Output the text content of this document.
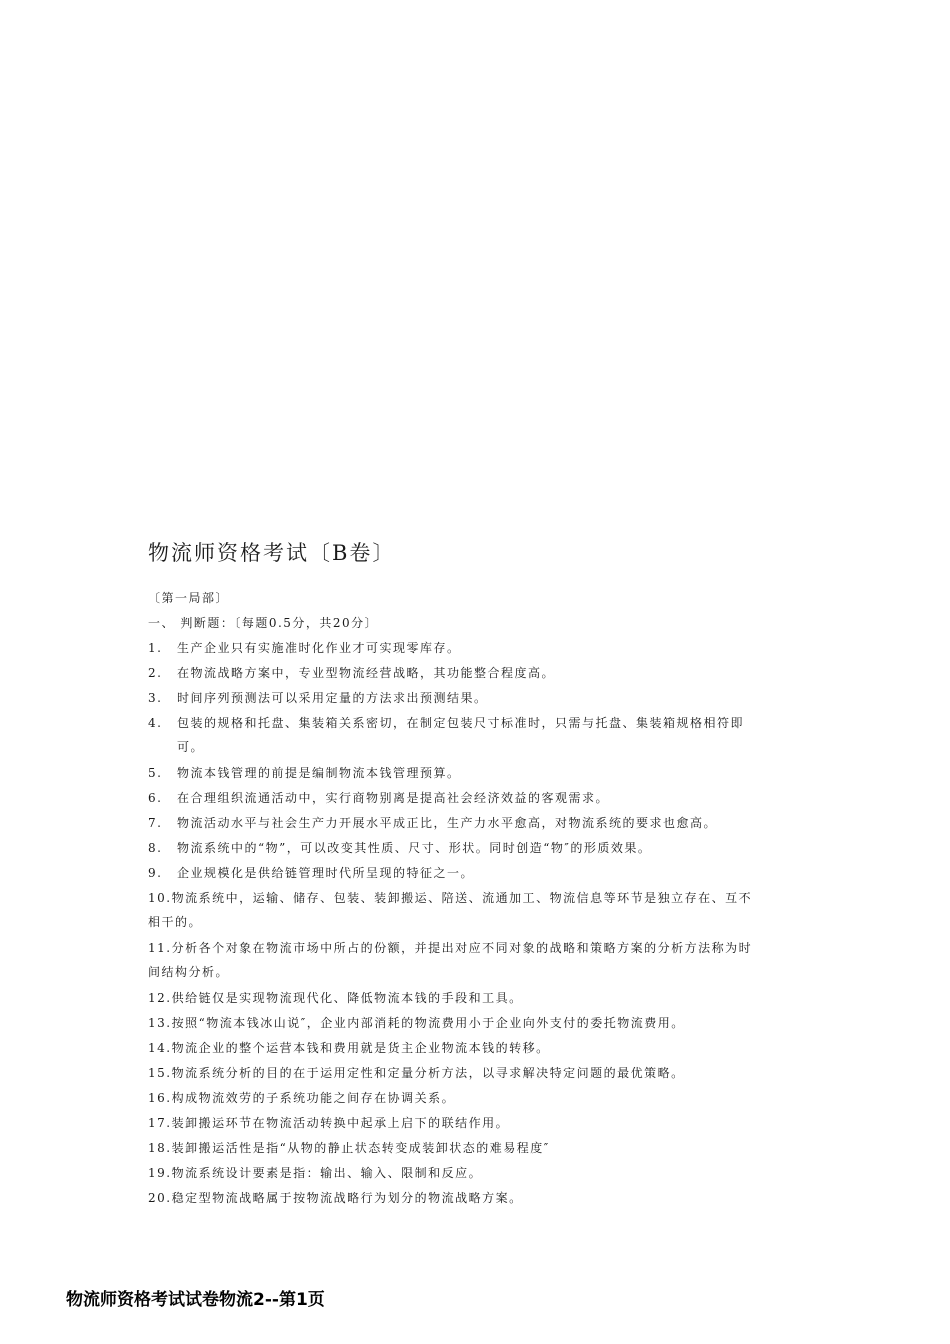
物流师资格考试〔B卷〕
〔第一局部〕
一、 判断题：〔每题0.5分，共20分〕
1. 生产企业只有实施准时化作业才可实现零库存。
2. 在物流战略方案中，专业型物流经营战略，其功能整合程度高。
3. 时间序列预测法可以采用定量的方法求出预测结果。
4. 包装的规格和托盘、集装箱关系密切，在制定包装尺寸标准时，只需与托盘、集装箱规格相符即
可。
5. 物流本钱管理的前提是编制物流本钱管理预算。
6. 在合理组织流通活动中，实行商物别离是提高社会经济效益的客观需求。
7. 物流活动水平与社会生产力开展水平成正比，生产力水平愈高，对物流系统的要求也愈高。
8. 物流系统中的“物”，可以改变其性质、尺寸、形状。同时创造“物″的形质效果。
9. 企业规模化是供给链管理时代所呈现的特征之一。
10.物流系统中，运输、储存、包装、装卸搬运、陪送、流通加工、物流信息等环节是独立存在、互不
相干的。
11.分析各个对象在物流市场中所占的份额，并提出对应不同对象的战略和策略方案的分析方法称为时
间结构分析。
12.供给链仅是实现物流现代化、降低物流本钱的手段和工具。
13.按照“物流本钱冰山说″，企业内部消耗的物流费用小于企业向外支付的委托物流费用。
14.物流企业的整个运营本钱和费用就是货主企业物流本钱的转移。
15.物流系统分析的目的在于运用定性和定量分析方法，以寻求解决特定问题的最优策略。
16.构成物流效劳的子系统功能之间存在协调关系。
17.装卸搬运环节在物流活动转换中起承上启下的联结作用。
18.装卸搬运活性是指“从物的静止状态转变成装卸状态的难易程度″
19.物流系统设计要素是指：输出、输入、限制和反应。
20.稳定型物流战略属于按物流战略行为划分的物流战略方案。
物流师资格考试试卷物流2--第1页
